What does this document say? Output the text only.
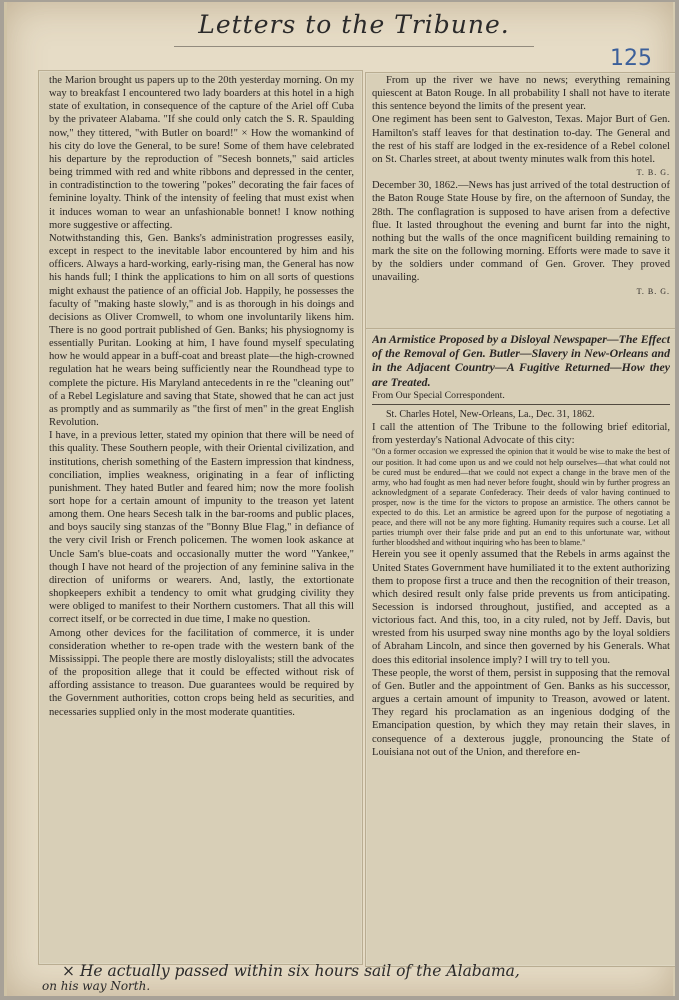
Letters to the Tribune.
125

the Marion brought us papers up to the 20th yesterday morning. On my way to breakfast I encountered two lady boarders at this hotel in a high state of exultation, in consequence of the capture of the Ariel off Cuba by the privateer Alabama. "If she could only catch the S. R. Spaulding now," they tittered, "with Butler on board!" × How the womankind of his city do love the General, to be sure! Some of them have celebrated his departure by the reproduction of "Secesh bonnets," said articles being trimmed with red and white ribbons and depressed in the center, in contradistinction to the towering "pokes" decorating the fair faces of feminine loyalty. Think of the intensity of feeling that must exist when it induces woman to wear an unfashionable bonnet! I know nothing more suggestive or affecting.

Notwithstanding this, Gen. Banks's administration progresses easily, except in respect to the inevitable labor encountered by him and his officers. Always a hard-working, early-rising man, the General has now his hands full; I think the applications to him on all sorts of questions might exhaust the patience of an official Job. Happily, he possesses the faculty of "making haste slowly," and is as thorough in his doings and decisions as Oliver Cromwell, to whom one involuntarily likens him. There is no good portrait published of Gen. Banks; his physiognomy is essentially Puritan. Looking at him, I have found myself speculating how he would appear in a buff-coat and breast plate—the high-crowned regulation hat he wears being sufficiently near the Roundhead type to complete the picture. His Maryland antecedents in re the "cleaning out" of a Rebel Legislature and saving that State, showed that he can act just as promptly and as summarily as "the first of men" in the great English Revolution.

I have, in a previous letter, stated my opinion that there will be need of this quality. These Southern people, with their Oriental civilization, and institutions, cherish something of the Eastern impression that kindness, conciliation, implies weakness, originating in a fear of inflicting punishment. They hated Butler and feared him; now the more foolish sort hope for a certain amount of impunity to the treason yet latent among them. One hears Secesh talk in the bar-rooms and public places, and boys saucily sing stanzas of the "Bonny Blue Flag," in defiance of the very civil Irish or French policemen. The women look askance at Uncle Sam's blue-coats and occasionally mutter the word "Yankee," though I have not heard of the projection of any feminine saliva in the direction of uniforms or wearers. And, lastly, the extortionate shopkeepers exhibit a tendency to omit what grudging civility they were obliged to manifest to their Northern customers. That all this will correct itself, or be corrected in due time, I make no question.

Among other devices for the facilitation of commerce, it is under consideration whether to re-open trade with the western bank of the Mississippi. The people there are mostly disloyalists; still the advocates of the proposition allege that it could be effected without risk of affording assistance to treason. Due guarantees would be required by the Government authorities, cotton crops being held as securities, and necessaries supplied only in the most moderate quantities.

From up the river we have no news; everything remaining quiescent at Baton Rouge. In all probability I shall not have to iterate this sentence beyond the limits of the present year.

One regiment has been sent to Galveston, Texas. Major Burt of Gen. Hamilton's staff leaves for that destination to-day. The General and the rest of his staff are lodged in the ex-residence of a Rebel colonel on St. Charles street, at about twenty minutes walk from this hotel.

T. B. G.

December 30, 1862.—News has just arrived of the total destruction of the Baton Rouge State House by fire, on the afternoon of Sunday, the 28th. The conflagration is supposed to have arisen from a defective flue. It lasted throughout the evening and burnt far into the night, nothing but the walls of the once magnificent building remaining to mark the site on the following morning. Efforts were made to save it by the soldiers under command of Gen. Grover. They proved unavailing.

T. B. G.

An Armistice Proposed by a Disloyal Newspaper—The Effect of the Removal of Gen. Butler—Slavery in New-Orleans and in the Adjacent Country—A Fugitive Returned—How they are Treated.

From Our Special Correspondent.

St. Charles Hotel, New-Orleans, La., Dec. 31, 1862.

I call the attention of The Tribune to the following brief editorial, from yesterday's National Advocate of this city:

"On a former occasion we expressed the opinion that it would be wise to make the best of our position. It had come upon us and we could not help ourselves—that what could not be cured must be endured—that we could not expect a change in the brave men of the army, who had fought as men had never before fought, should win by further progress an acknowledgment of a separate Confederacy. Their deeds of valor having continued to prosper, now is the time for the victors to propose an armistice. The others cannot be expected to do this. Let an armistice be agreed upon for the purpose of negotiating a peace, and there will not be any more fighting. Humanity requires such a course. Let all parties triumph over their false pride and put an end to this unfortunate war, without further bloodshed and without inquiring who has been to blame."

Herein you see it openly assumed that the Rebels in arms against the United States Government have humiliated it to the extent authorizing them to propose first a truce and then the recognition of their treason, which desired result only false pride prevents us from anticipating. Secession is indorsed throughout, justified, and accepted as a victorious fact. And this, too, in a city ruled, not by Jeff. Davis, but wrested from his usurped sway nine months ago by the loyal soldiers of Abraham Lincoln, and since then governed by his Generals. What does this editorial insolence imply? I will try to tell you.

These people, the worst of them, persist in supposing that the removal of Gen. Butler and the appointment of Gen. Banks as his successor, argues a certain amount of impunity to Treason, avowed or latent. They regard his proclamation as an ingenious dodging of the Emancipation question, by which they may retain their slaves, in consequence of a dexterous juggle, pronouncing the State of Louisiana not out of the Union, and therefore en-

× He actually passed within six hours sail of the Alabama,
on his way North.
